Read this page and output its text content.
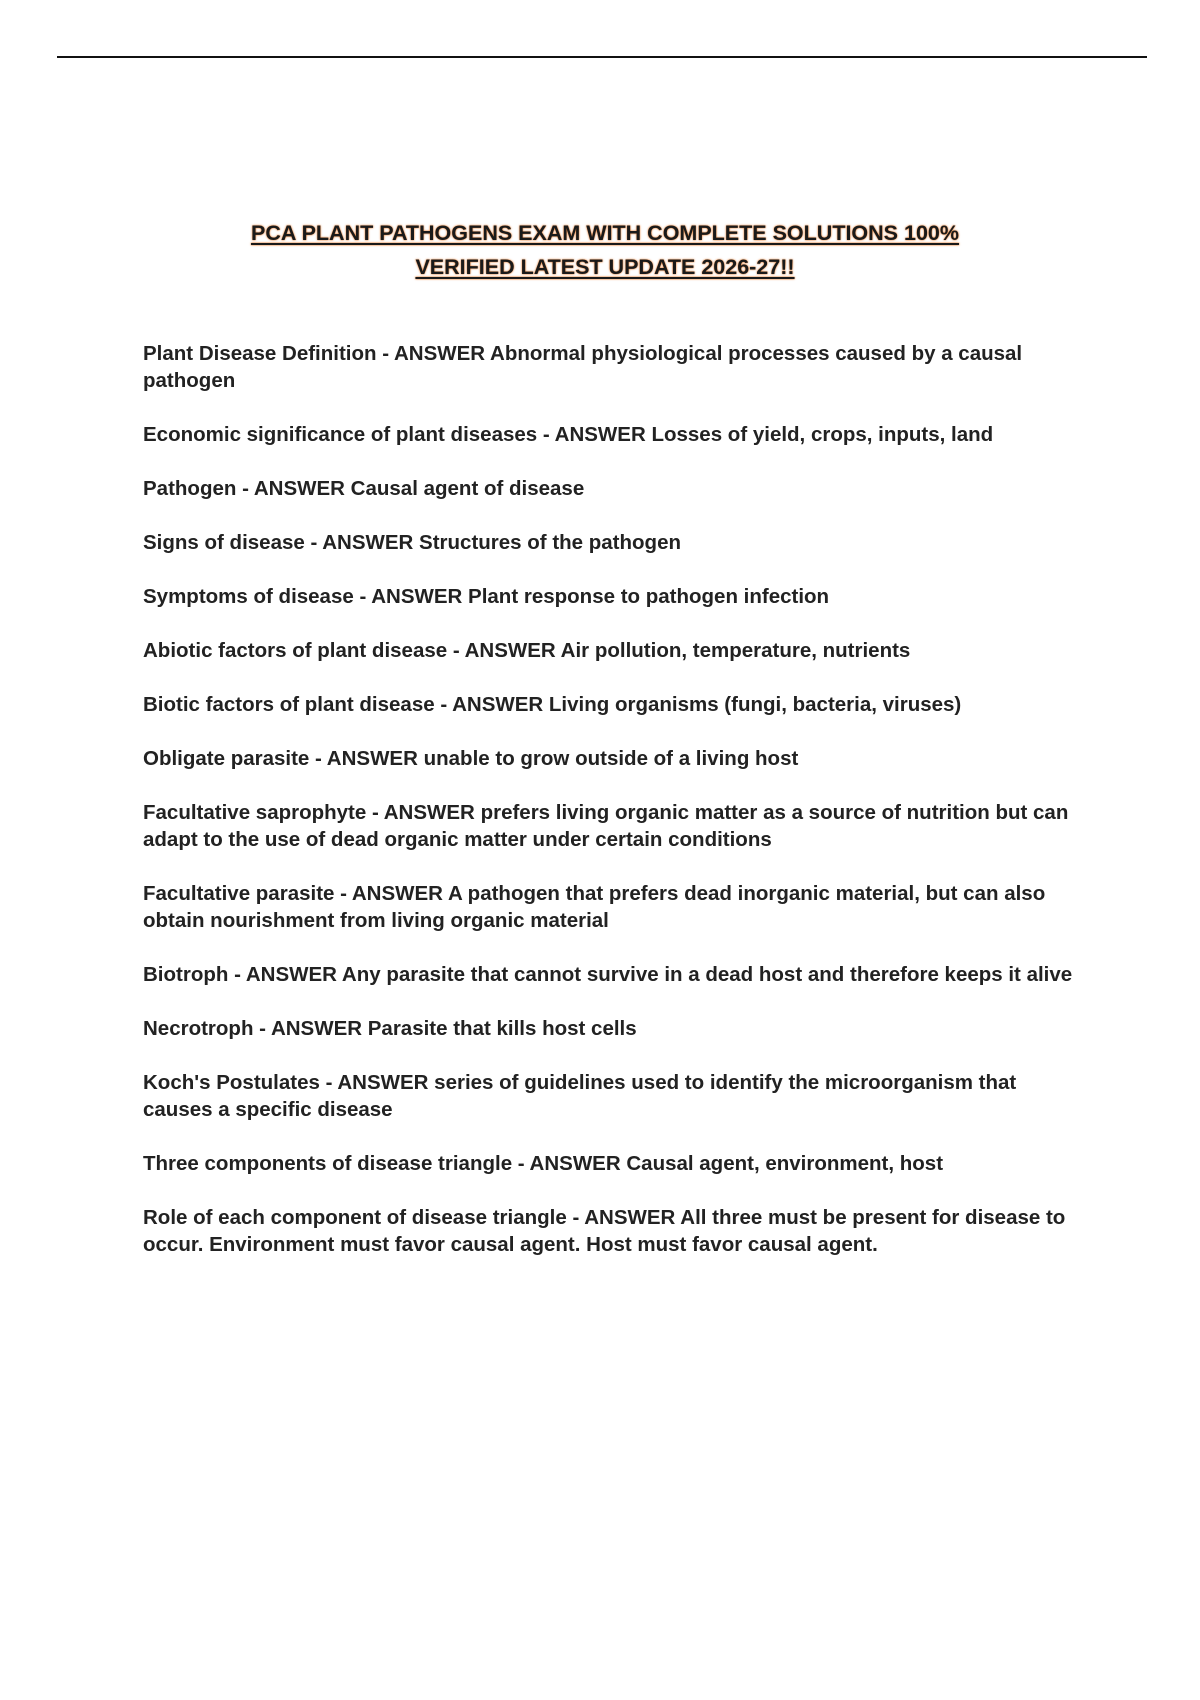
PCA PLANT PATHOGENS EXAM WITH COMPLETE SOLUTIONS 100%
VERIFIED LATEST UPDATE 2026-27!!
Plant Disease Definition - ANSWER Abnormal physiological processes caused by a causal pathogen
Economic significance of plant diseases - ANSWER Losses of yield, crops, inputs, land
Pathogen - ANSWER Causal agent of disease
Signs of disease - ANSWER Structures of the pathogen
Symptoms of disease - ANSWER Plant response to pathogen infection
Abiotic factors of plant disease - ANSWER Air pollution, temperature, nutrients
Biotic factors of plant disease - ANSWER Living organisms (fungi, bacteria, viruses)
Obligate parasite - ANSWER unable to grow outside of a living host
Facultative saprophyte - ANSWER prefers living organic matter as a source of nutrition but can adapt to the use of dead organic matter under certain conditions
Facultative parasite - ANSWER A pathogen that prefers dead inorganic material, but can also obtain nourishment from living organic material
Biotroph - ANSWER Any parasite that cannot survive in a dead host and therefore keeps it alive
Necrotroph - ANSWER Parasite that kills host cells
Koch's Postulates - ANSWER series of guidelines used to identify the microorganism that causes a specific disease
Three components of disease triangle - ANSWER Causal agent, environment, host
Role of each component of disease triangle - ANSWER All three must be present for disease to occur. Environment must favor causal agent. Host must favor causal agent.
